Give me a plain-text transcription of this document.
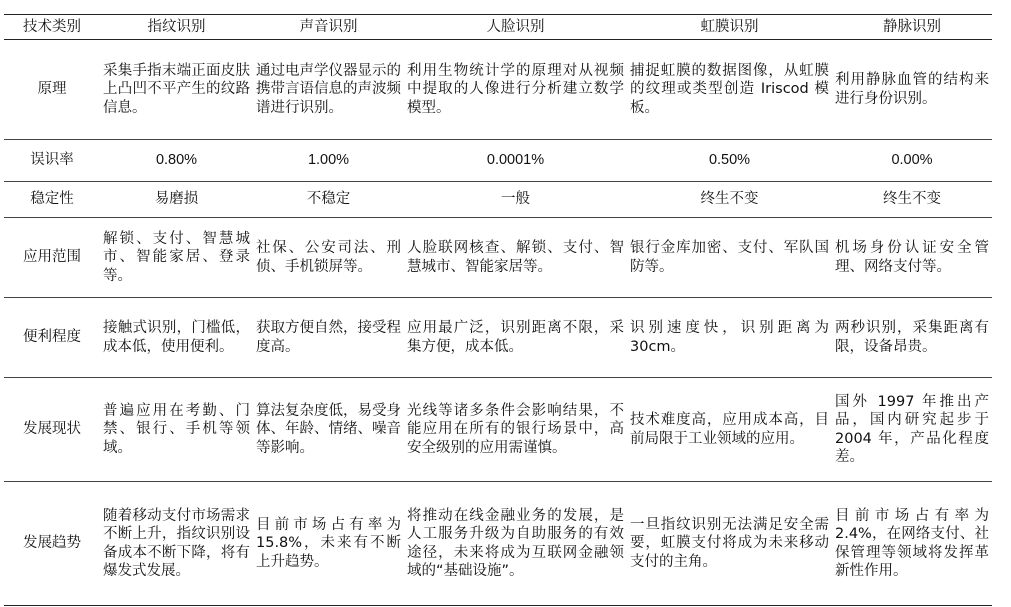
技术类别	指纹识别	声音识别	人脸识别	虹膜识别	静脉识别
原理	采集手指末端正面皮肤上凸凹不平产生的纹路信息。	通过电声学仪器显示的携带言语信息的声波频谱进行识别。	利用生物统计学的原理对从视频中提取的人像进行分析建立数学模型。	捕捉虹膜的数据图像，从虹膜的纹理或类型创造 Iriscod 模板。	利用静脉血管的结构来进行身份识别。
误识率	0.80%	1.00%	0.0001%	0.50%	0.00%
稳定性	易磨损	不稳定	一般	终生不变	终生不变
应用范围	解锁、支付、智慧城市、智能家居、登录等。	社保、公安司法、刑侦、手机锁屏等。	人脸联网核查、解锁、支付、智慧城市、智能家居等。	银行金库加密、支付、军队国防等。	机场身份认证安全管理、网络支付等。
便利程度	接触式识别，门槛低，成本低，使用便利。	获取方便自然，接受程度高。	应用最广泛，识别距离不限，采集方便，成本低。	识别速度快，识别距离为 30cm。	两秒识别，采集距离有限，设备昂贵。
发展现状	普遍应用在考勤、门禁、银行、手机等领域。	算法复杂度低，易受身体、年龄、情绪、噪音等影响。	光线等诸多条件会影响结果，不能应用在所有的银行场景中，高安全级别的应用需谨慎。	技术难度高，应用成本高，目前局限于工业领域的应用。	国外 1997 年推出产品，国内研究起步于 2004 年，产品化程度差。
发展趋势	随着移动支付市场需求不断上升，指纹识别设备成本不断下降，将有爆发式发展。	目前市场占有率为 15.8%，未来有不断上升趋势。	将推动在线金融业务的发展，是人工服务升级为自助服务的有效途径，未来将成为互联网金融领域的“基础设施”。	一旦指纹识别无法满足安全需要，虹膜支付将成为未来移动支付的主角。	目前市场占有率为 2.4%，在网络支付、社保管理等领域将发挥革新性作用。
